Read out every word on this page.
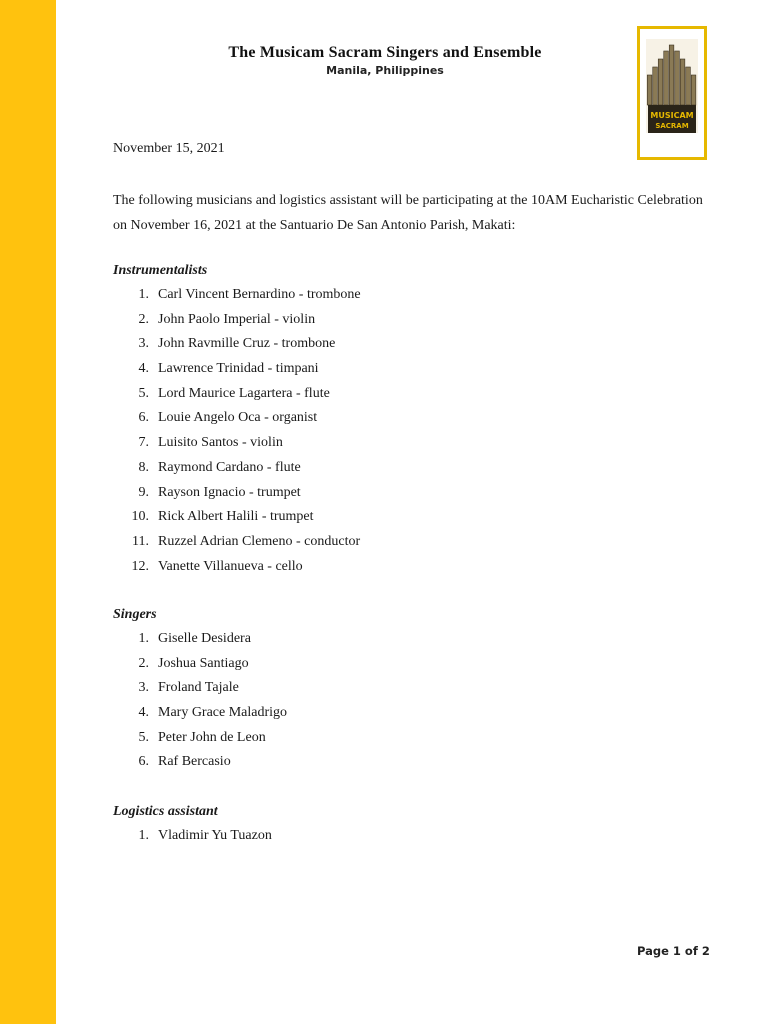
The Musicam Sacram Singers and Ensemble
Manila, Philippines
MUSICAM
SACRAM
November 15, 2021
The following musicians and logistics assistant will be participating at the 10AM Eucharistic Celebration on November 16, 2021 at the Santuario De San Antonio Parish, Makati:
Instrumentalists
1. Carl Vincent Bernardino - trombone
2. John Paolo Imperial - violin
3. John Ravmille Cruz - trombone
4. Lawrence Trinidad - timpani
5. Lord Maurice Lagartera - flute
6. Louie Angelo Oca - organist
7. Luisito Santos - violin
8. Raymond Cardano - flute
9. Rayson Ignacio - trumpet
10. Rick Albert Halili - trumpet
11. Ruzzel Adrian Clemeno - conductor
12. Vanette Villanueva - cello
Singers
1. Giselle Desidera
2. Joshua Santiago
3. Froland Tajale
4. Mary Grace Maladrigo
5. Peter John de Leon
6. Raf Bercasio
Logistics assistant
1. Vladimir Yu Tuazon
Page 1 of 2
